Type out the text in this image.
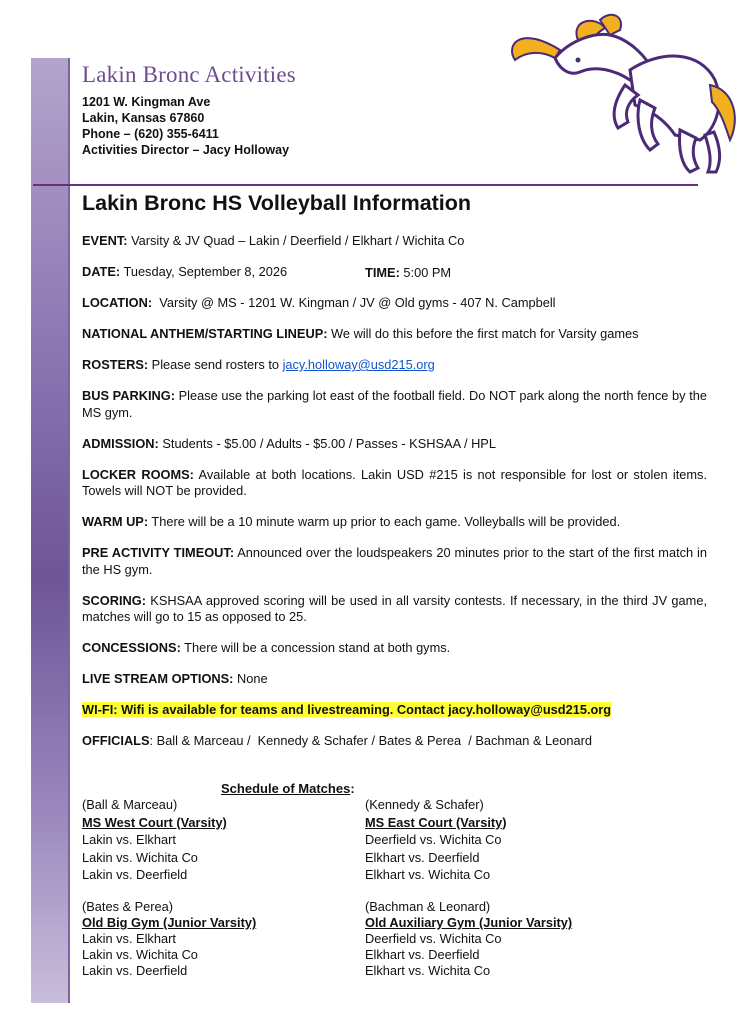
Lakin Bronc Activities
1201 W. Kingman Ave
Lakin, Kansas 67860
Phone – (620) 355-6411
Activities Director – Jacy Holloway
Lakin Bronc HS Volleyball Information

EVENT: Varsity & JV Quad – Lakin / Deerfield / Elkhart / Wichita Co

DATE: Tuesday, September 8, 2026

LOCATION:  Varsity @ MS - 1201 W. Kingman / JV @ Old gyms - 407 N. Campbell

NATIONAL ANTHEM/STARTING LINEUP: We will do this before the first match for Varsity games

ROSTERS: Please send rosters to jacy.holloway@usd215.org

BUS PARKING: Please use the parking lot east of the football field. Do NOT park along the north fence by the MS gym.

ADMISSION: Students - $5.00 / Adults - $5.00 / Passes - KSHSAA / HPL

LOCKER ROOMS: Available at both locations. Lakin USD #215 is not responsible for lost or stolen items. Towels will NOT be provided.

WARM UP: There will be a 10 minute warm up prior to each game. Volleyballs will be provided.

PRE ACTIVITY TIMEOUT: Announced over the loudspeakers 20 minutes prior to the start of the first match in the HS gym.

SCORING: KSHSAA approved scoring will be used in all varsity contests. If necessary, in the third JV game, matches will go to 15 as opposed to 25.

CONCESSIONS: There will be a concession stand at both gyms.

LIVE STREAM OPTIONS: None

WI-FI: Wifi is available for teams and livestreaming. Contact jacy.holloway@usd215.org

OFFICIALS: Ball & Marceau /  Kennedy & Schafer / Bates & Perea  / Bachman & Leonard

TIME: 5:00 PM
Schedule of Matches:
(Ball & Marceau)
MS West Court (Varsity)
Lakin vs. Elkhart
Lakin vs. Wichita Co
Lakin vs. Deerfield
(Kennedy & Schafer)
MS East Court (Varsity)
Deerfield vs. Wichita Co
Elkhart vs. Deerfield
Elkhart vs. Wichita Co
(Bates & Perea)
Old Big Gym (Junior Varsity)
Lakin vs. Elkhart
Lakin vs. Wichita Co
Lakin vs. Deerfield
(Bachman & Leonard)
Old Auxiliary Gym (Junior Varsity)
Deerfield vs. Wichita Co
Elkhart vs. Deerfield
Elkhart vs. Wichita Co
